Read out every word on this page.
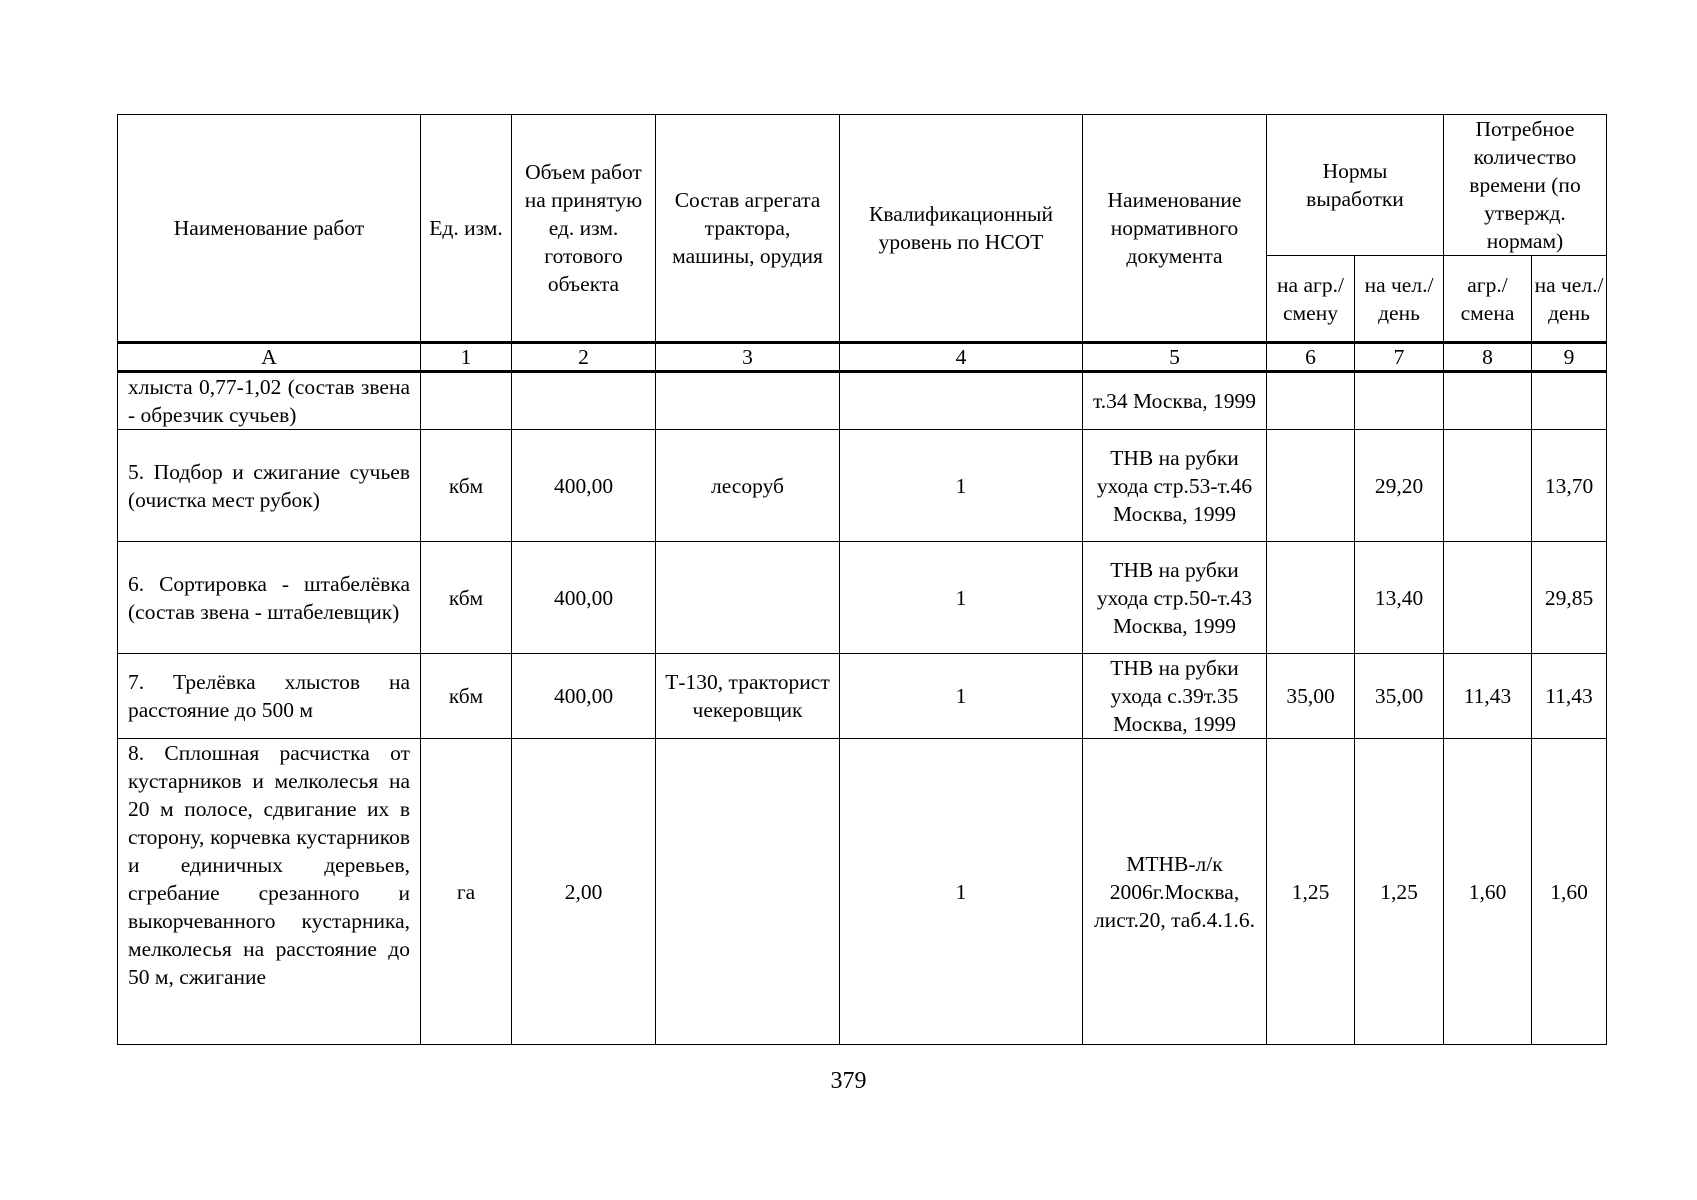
Наименование работ	Ед. изм.	Объем работ на принятую ед. изм. готового объекта	Состав агрегата трактора, машины, орудия	Квалификационный уровень по НСОТ	Наименование нормативного документа	Нормы выработки		Потребное количество времени (по утвержд. нормам)	
						на агр./ смену	на чел./ день	агр./ смена	на чел./ день
А	1	2	3	4	5	6	7	8	9
хлыста 0,77-1,02 (состав звена - обрезчик сучьев)					т.34 Москва, 1999				
5. Подбор и сжигание сучьев (очистка мест рубок)	кбм	400,00	лесоруб	1	ТНВ на рубки ухода стр.53-т.46 Москва, 1999		29,20		13,70
6. Сортировка - штабелёвка (состав звена - штабелевщик)	кбм	400,00		1	ТНВ на рубки ухода стр.50-т.43 Москва, 1999		13,40		29,85
7. Трелёвка хлыстов на расстояние до 500 м	кбм	400,00	Т-130, тракторист чекеровщик	1	ТНВ на рубки ухода с.39т.35 Москва, 1999	35,00	35,00	11,43	11,43
8. Сплошная расчистка от кустарников и мелколесья на 20 м полосе, сдвигание их в сторону, корчевка кустарников и единичных деревьев, сгребание срезанного и выкорчеванного кустарника, мелколесья на расстояние до 50 м, сжигание	га	2,00		1	МТНВ-л/к 2006г.Москва, лист.20, таб.4.1.6.	1,25	1,25	1,60	1,60
379
